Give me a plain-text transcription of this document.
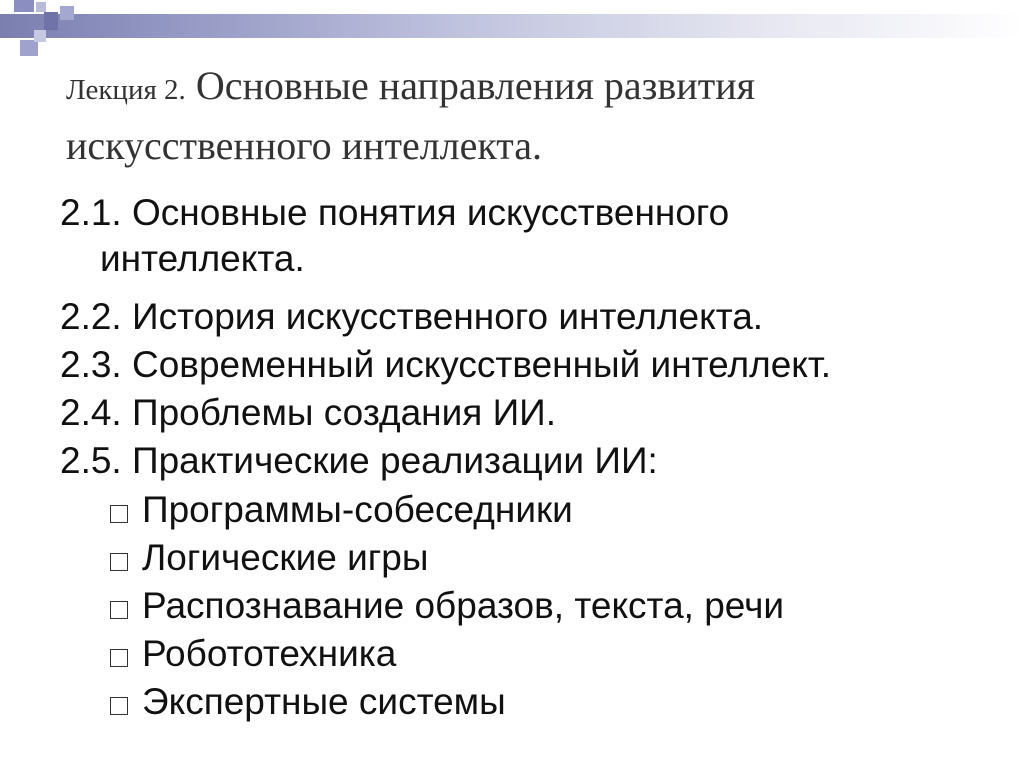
Лекция 2. Основные направления развития искусственного интеллекта.
2.1. Основные понятия искусственного
интеллекта.
2.2. История искусственного интеллекта.
2.3. Современный искусственный интеллект.
2.4. Проблемы создания ИИ.
2.5. Практические реализации ИИ:
Программы-собеседники
Логические игры
Распознавание образов, текста, речи
Робототехника
Экспертные системы
